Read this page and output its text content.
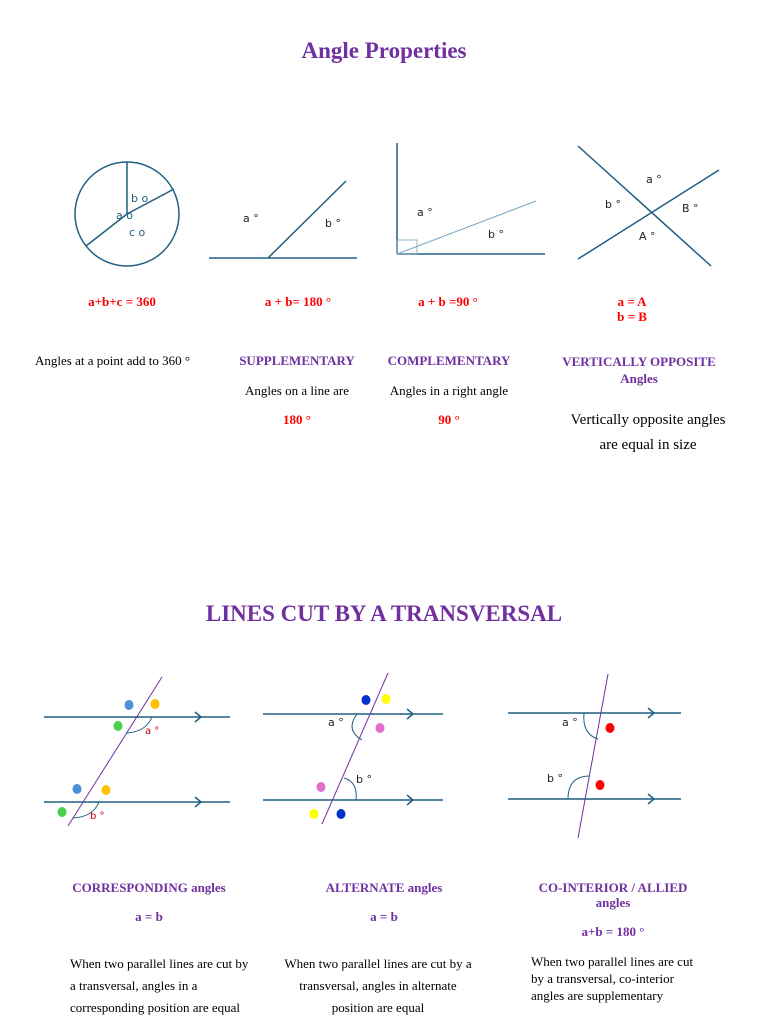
Angle Properties
b o
a o
c o
a °	b °
a °
b °
a °
b °	B °
A °
a+b+c = 360	a + b= 180 °	a + b =90 °	a = A
b = B
Angles at a point add to 360 °	SUPPLEMENTARY
Angles on a line are
180 °
COMPLEMENTARY
Angles in a right angle
90 °
VERTICALLY OPPOSITE
Angles
Vertically opposite angles
are equal in size
LINES CUT BY A TRANSVERSAL
a °
b °
a °
b °
a °
b °
CORRESPONDING angles
a = b
When two parallel lines are cut by
a transversal, angles in a
corresponding position are equal
ALTERNATE angles
a = b
When two parallel lines are cut by a
transversal, angles in alternate
position are equal
CO-INTERIOR / ALLIED
angles
a+b = 180 °
When two parallel lines are cut
by a transversal, co-interior
angles are supplementary
